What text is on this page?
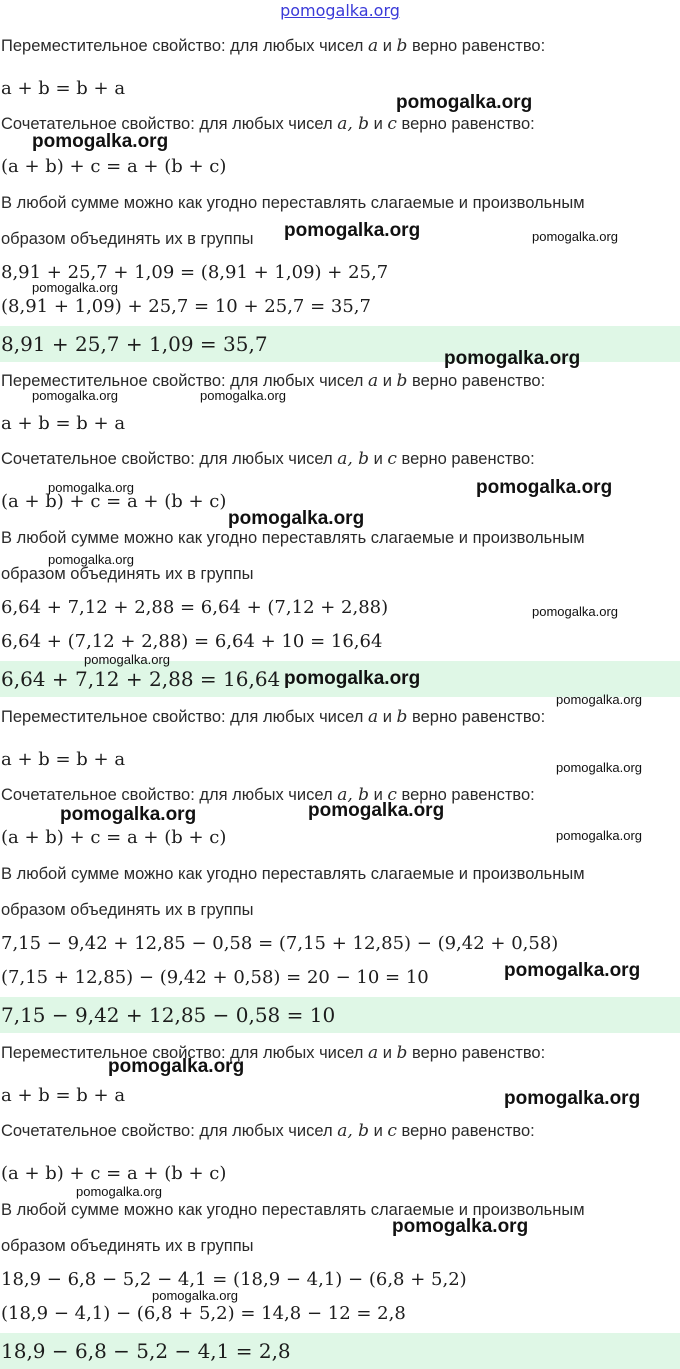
pomogalka.org
Переместительное свойство: для любых чисел a и b верно равенство:
a + b = b + a
Сочетательное свойство: для любых чисел a, b и c верно равенство:
(a + b) + c = a + (b + c)
В любой сумме можно как угодно переставлять слагаемые и произвольным
образом объединять их в группы
8,91 + 25,7 + 1,09 = (8,91 + 1,09) + 25,7
(8,91 + 1,09) + 25,7 = 10 + 25,7 = 35,7
8,91 + 25,7 + 1,09 = 35,7
Переместительное свойство: для любых чисел a и b верно равенство:
a + b = b + a
Сочетательное свойство: для любых чисел a, b и c верно равенство:
(a + b) + c = a + (b + c)
В любой сумме можно как угодно переставлять слагаемые и произвольным
образом объединять их в группы
6,64 + 7,12 + 2,88 = 6,64 + (7,12 + 2,88)
6,64 + (7,12 + 2,88) = 6,64 + 10 = 16,64
6,64 + 7,12 + 2,88 = 16,64
Переместительное свойство: для любых чисел a и b верно равенство:
a + b = b + a
Сочетательное свойство: для любых чисел a, b и c верно равенство:
(a + b) + c = a + (b + c)
В любой сумме можно как угодно переставлять слагаемые и произвольным
образом объединять их в группы
7,15 − 9,42 + 12,85 − 0,58 = (7,15 + 12,85) − (9,42 + 0,58)
(7,15 + 12,85) − (9,42 + 0,58) = 20 − 10 = 10
7,15 − 9,42 + 12,85 − 0,58 = 10
Переместительное свойство: для любых чисел a и b верно равенство:
a + b = b + a
Сочетательное свойство: для любых чисел a, b и c верно равенство:
(a + b) + c = a + (b + c)
В любой сумме можно как угодно переставлять слагаемые и произвольным
образом объединять их в группы
18,9 − 6,8 − 5,2 − 4,1 = (18,9 − 4,1) − (6,8 + 5,2)
(18,9 − 4,1) − (6,8 + 5,2) = 14,8 − 12 = 2,8
18,9 − 6,8 − 5,2 − 4,1 = 2,8
pomogalka.org
pomogalka.org
pomogalka.org	pomogalka.org
pomogalka.org
pomogalka.org
pomogalka.org	pomogalka.org
pomogalka.org
pomogalka.org
pomogalka.org
pomogalka.org
pomogalka.org
pomogalka.org
pomogalka.org
pomogalka.org
pomogalka.org
pomogalka.org
pomogalka.org
pomogalka.org
pomogalka.org
pomogalka.org
pomogalka.org
pomogalka.org
pomogalka.org
pomogalka.org
